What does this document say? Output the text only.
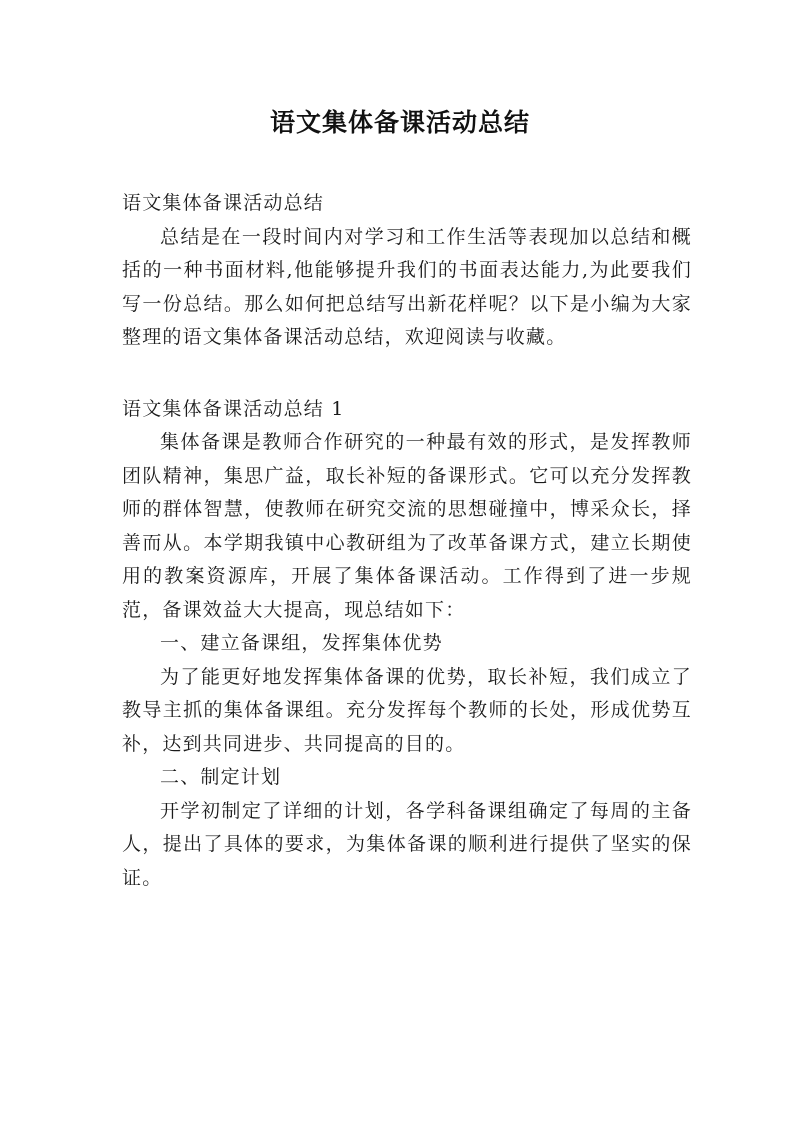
语文集体备课活动总结

语文集体备课活动总结

总结是在一段时间内对学习和工作生活等表现加以总结和概括的一种书面材料,他能够提升我们的书面表达能力,为此要我们写一份总结。那么如何把总结写出新花样呢？以下是小编为大家整理的语文集体备课活动总结，欢迎阅读与收藏。

语文集体备课活动总结 1

集体备课是教师合作研究的一种最有效的形式，是发挥教师团队精神，集思广益，取长补短的备课形式。它可以充分发挥教师的群体智慧，使教师在研究交流的思想碰撞中，博采众长，择善而从。本学期我镇中心教研组为了改革备课方式，建立长期使用的教案资源库，开展了集体备课活动。工作得到了进一步规范，备课效益大大提高，现总结如下：

一、建立备课组，发挥集体优势

为了能更好地发挥集体备课的优势，取长补短，我们成立了教导主抓的集体备课组。充分发挥每个教师的长处，形成优势互补，达到共同进步、共同提高的目的。

二、制定计划

开学初制定了详细的计划，各学科备课组确定了每周的主备人，提出了具体的要求，为集体备课的顺利进行提供了坚实的保证。
